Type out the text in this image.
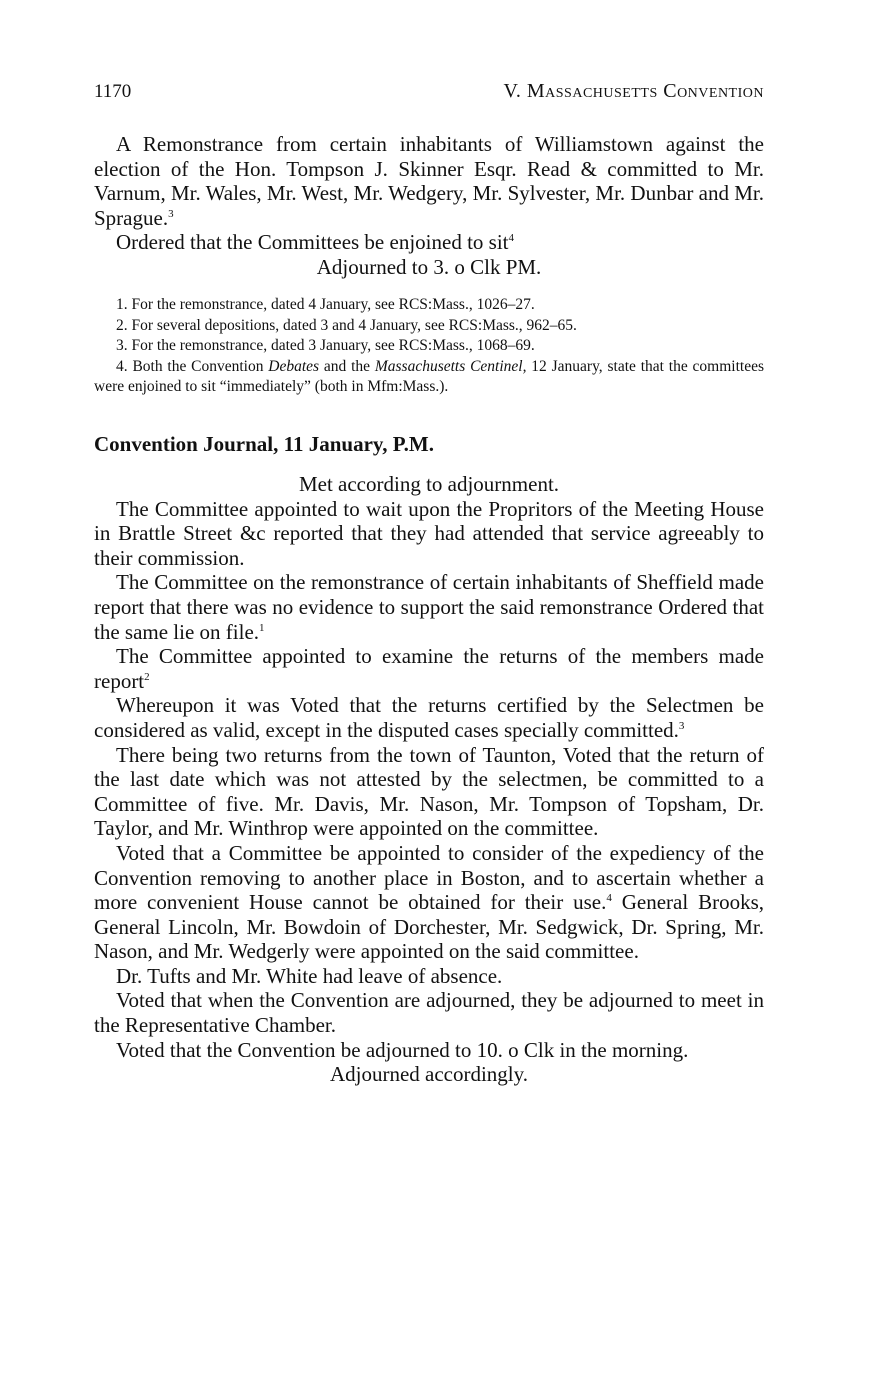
1170	V. Massachusetts Convention

A Remonstrance from certain inhabitants of Williamstown against the election of the Hon. Tompson J. Skinner Esqr. Read & committed to Mr. Varnum, Mr. Wales, Mr. West, Mr. Wedgery, Mr. Sylvester, Mr. Dunbar and Mr. Sprague.$^3$

Ordered that the Committees be enjoined to sit$^4$

Adjourned to 3. o Clk PM.

1. For the remonstrance, dated 4 January, see RCS:Mass., 1026–27.

2. For several depositions, dated 3 and 4 January, see RCS:Mass., 962–65.

3. For the remonstrance, dated 3 January, see RCS:Mass., 1068–69.

4. Both the Convention Debates and the Massachusetts Centinel, 12 January, state that the committees were enjoined to sit “immediately” (both in Mfm:Mass.).

Convention Journal, 11 January, P.M.

Met according to adjournment.

The Committee appointed to wait upon the Propritors of the Meeting House in Brattle Street &c reported that they had attended that service agreeably to their commission.

The Committee on the remonstrance of certain inhabitants of Sheffield made report that there was no evidence to support the said remonstrance Ordered that the same lie on file.$^1$

The Committee appointed to examine the returns of the members made report$^2$

Whereupon it was Voted that the returns certified by the Selectmen be considered as valid, except in the disputed cases specially committed.$^3$

There being two returns from the town of Taunton, Voted that the return of the last date which was not attested by the selectmen, be committed to a Committee of five. Mr. Davis, Mr. Nason, Mr. Tompson of Topsham, Dr. Taylor, and Mr. Winthrop were appointed on the committee.

Voted that a Committee be appointed to consider of the expediency of the Convention removing to another place in Boston, and to ascertain whether a more convenient House cannot be obtained for their use.$^4$ General Brooks, General Lincoln, Mr. Bowdoin of Dorchester, Mr. Sedgwick, Dr. Spring, Mr. Nason, and Mr. Wedgerly were appointed on the said committee.

Dr. Tufts and Mr. White had leave of absence.

Voted that when the Convention are adjourned, they be adjourned to meet in the Representative Chamber.

Voted that the Convention be adjourned to 10. o Clk in the morning.

Adjourned accordingly.
